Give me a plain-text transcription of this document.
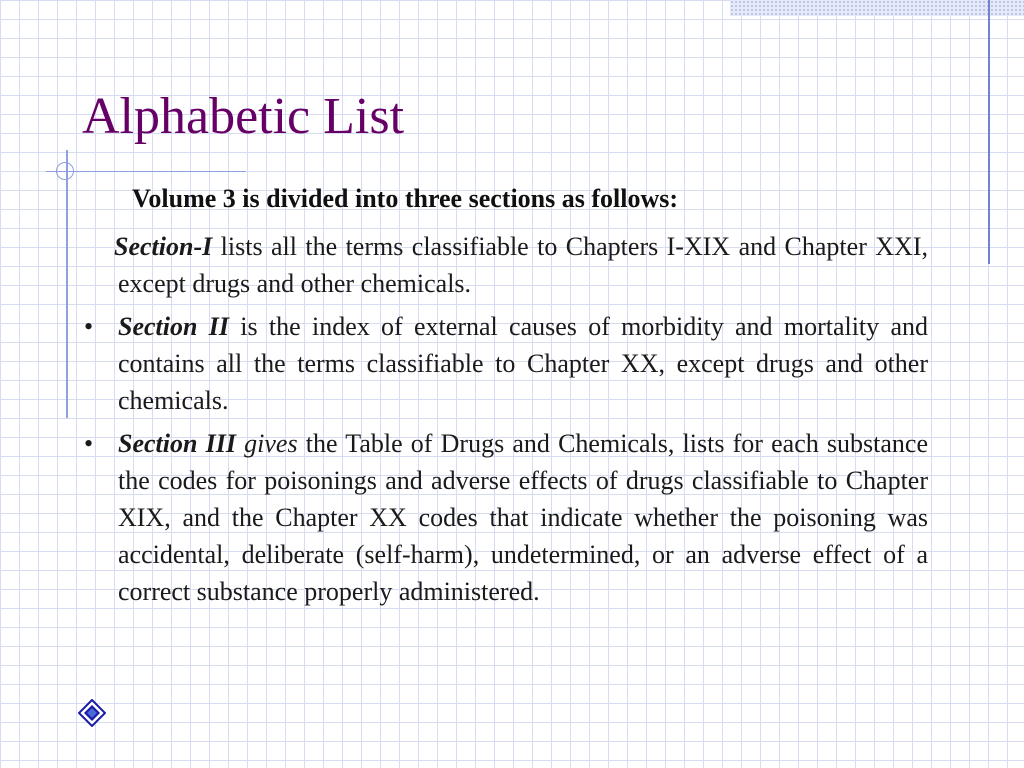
Alphabetic List

Volume 3 is divided into three sections as follows:

Section-I lists all the terms classifiable to Chapters I-XIX and Chapter XXI, except drugs and other chemicals.
• Section II is the index of external causes of morbidity and mortality and contains all the terms classifiable to Chapter XX, except drugs and other chemicals.
• Section III gives the Table of Drugs and Chemicals, lists for each substance the codes for poisonings and adverse effects of drugs classifiable to Chapter XIX, and the Chapter XX codes that indicate whether the poisoning was accidental, deliberate (self-harm), undetermined, or an adverse effect of a correct substance properly administered.
